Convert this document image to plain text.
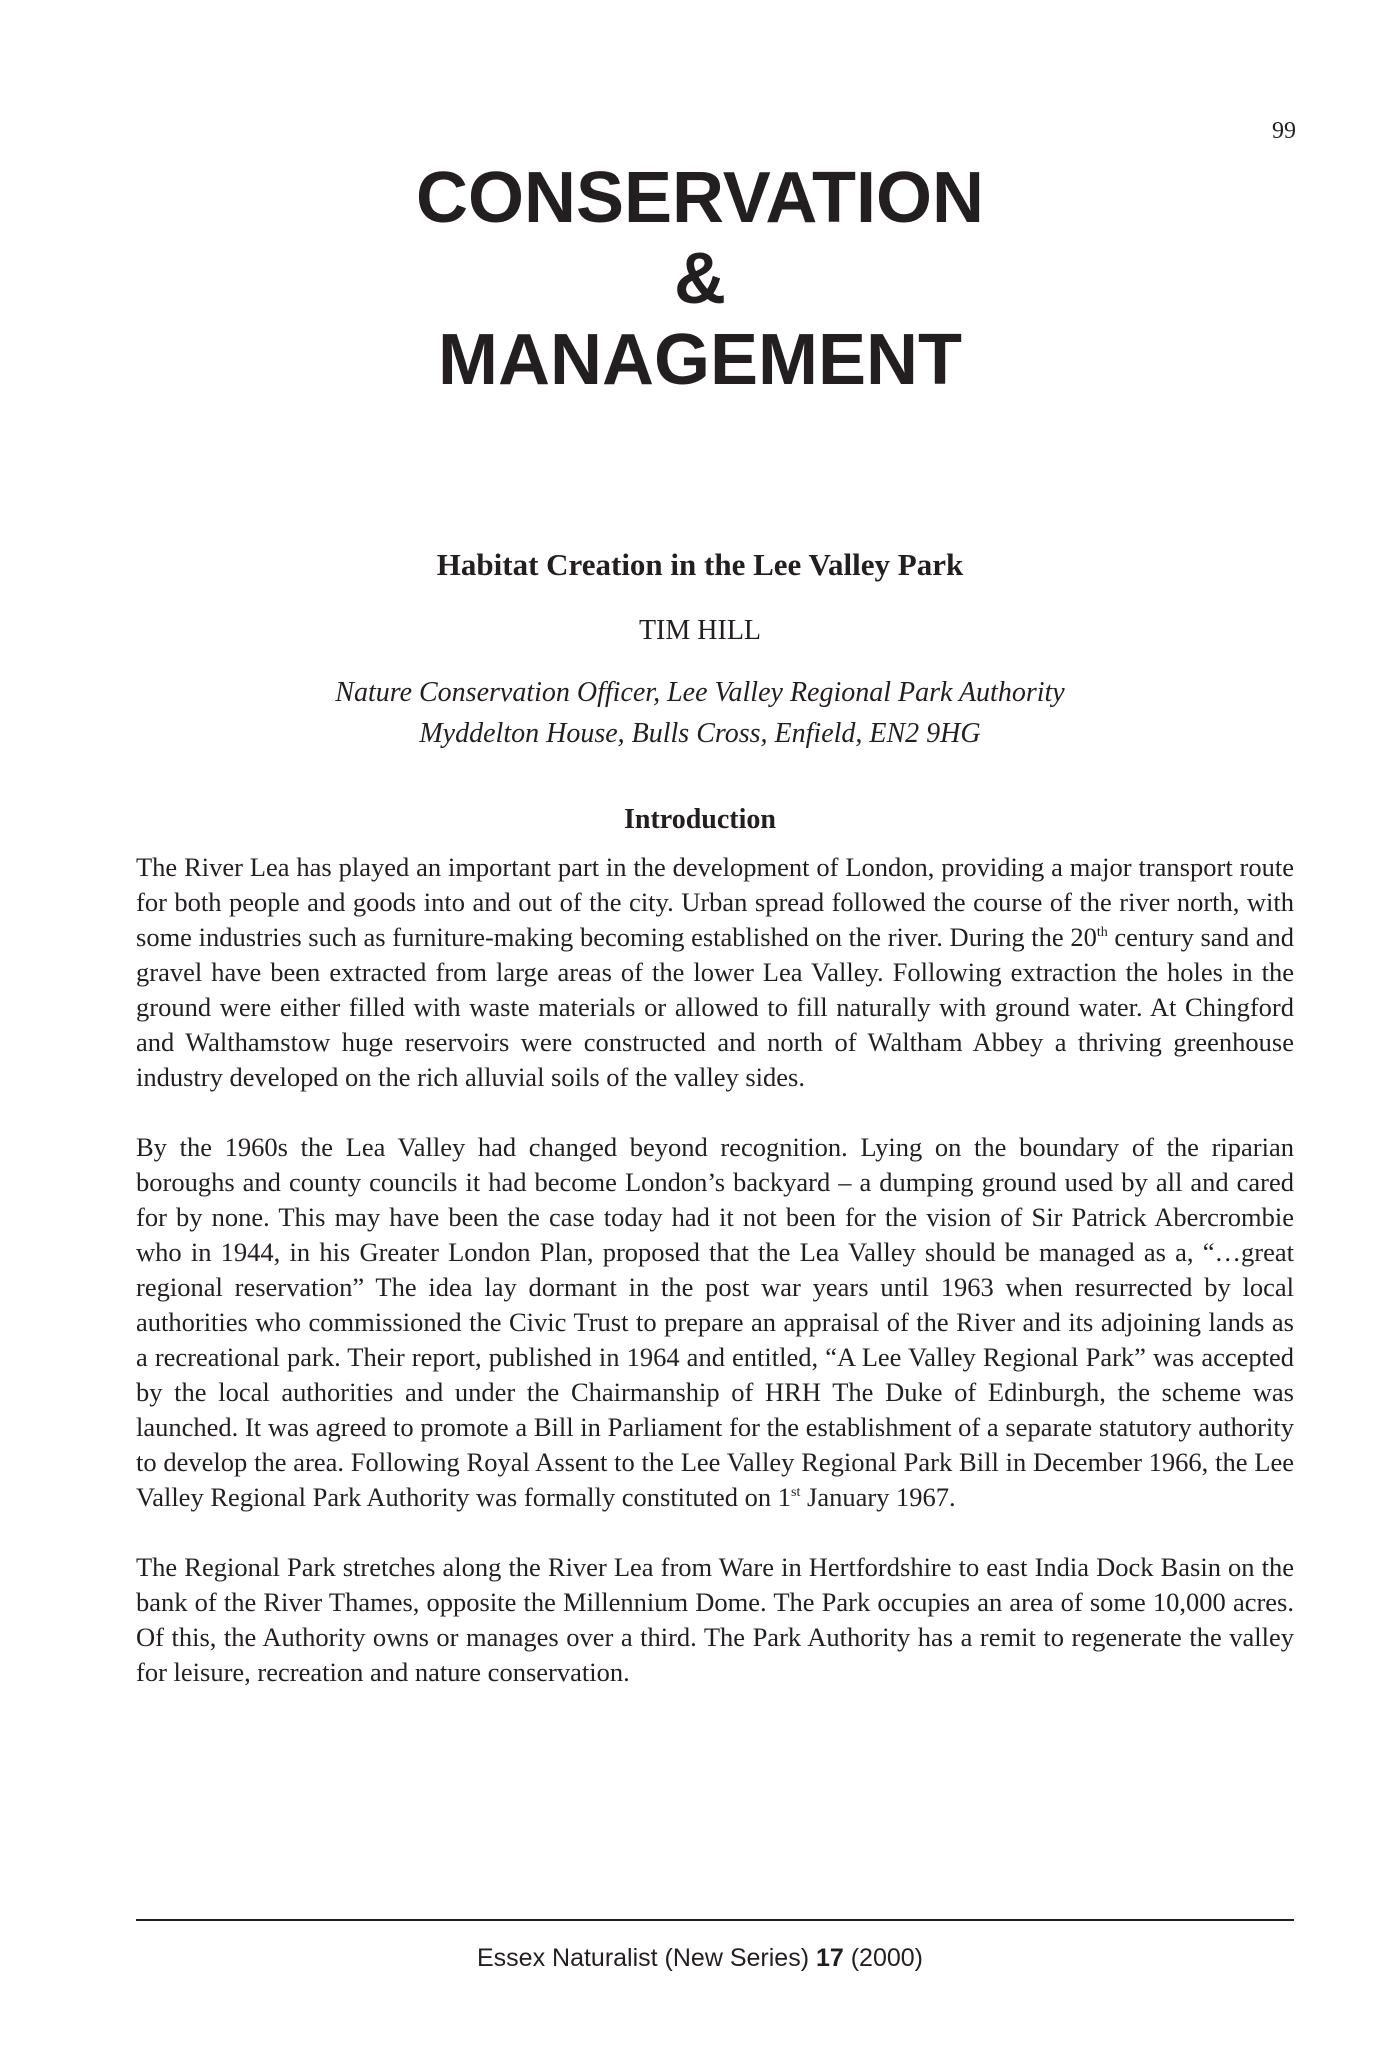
99
CONSERVATION
&
MANAGEMENT
Habitat Creation in the Lee Valley Park
TIM HILL
Nature Conservation Officer, Lee Valley Regional Park Authority
Myddelton House, Bulls Cross, Enfield, EN2 9HG
Introduction

The River Lea has played an important part in the development of London, providing a major transport route for both people and goods into and out of the city. Urban spread followed the course of the river north, with some industries such as furniture-making becoming established on the river. During the 20th century sand and gravel have been extracted from large areas of the lower Lea Valley. Following extraction the holes in the ground were either filled with waste materials or allowed to fill naturally with ground water. At Chingford and Walthamstow huge reservoirs were constructed and north of Waltham Abbey a thriving greenhouse industry developed on the rich alluvial soils of the valley sides.

By the 1960s the Lea Valley had changed beyond recognition. Lying on the boundary of the riparian boroughs and county councils it had become London’s backyard – a dumping ground used by all and cared for by none. This may have been the case today had it not been for the vision of Sir Patrick Abercrombie who in 1944, in his Greater London Plan, proposed that the Lea Valley should be managed as a, “…great regional reservation” The idea lay dormant in the post war years until 1963 when resurrected by local authorities who commissioned the Civic Trust to prepare an appraisal of the River and its adjoining lands as a recreational park. Their report, published in 1964 and entitled, “A Lee Valley Regional Park” was accepted by the local authorities and under the Chairmanship of HRH The Duke of Edinburgh, the scheme was launched. It was agreed to promote a Bill in Parliament for the establishment of a separate statutory authority to develop the area. Following Royal Assent to the Lee Valley Regional Park Bill in December 1966, the Lee Valley Regional Park Authority was formally constituted on 1st January 1967.

The Regional Park stretches along the River Lea from Ware in Hertfordshire to east India Dock Basin on the bank of the River Thames, opposite the Millennium Dome. The Park occupies an area of some 10,000 acres. Of this, the Authority owns or manages over a third. The Park Authority has a remit to regenerate the valley for leisure, recreation and nature conservation.

Essex Naturalist (New Series) 17 (2000)
